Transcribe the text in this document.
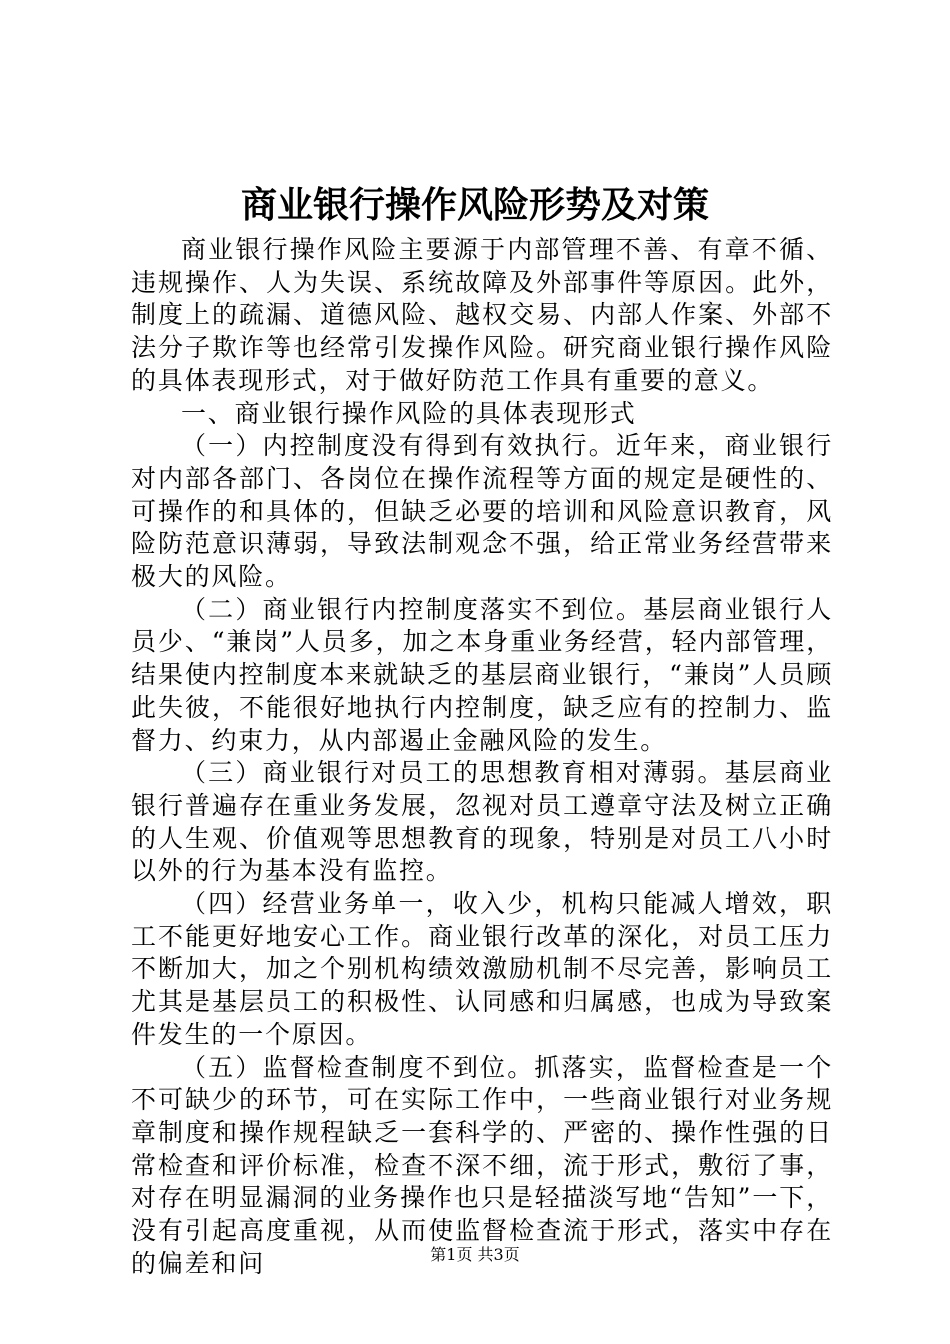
商业银行操作风险形势及对策

商业银行操作风险主要源于内部管理不善、有章不循、违规操作、人为失误、系统故障及外部事件等原因。此外，制度上的疏漏、道德风险、越权交易、内部人作案、外部不法分子欺诈等也经常引发操作风险。研究商业银行操作风险的具体表现形式，对于做好防范工作具有重要的意义。

一、商业银行操作风险的具体表现形式

（一）内控制度没有得到有效执行。近年来，商业银行对内部各部门、各岗位在操作流程等方面的规定是硬性的、可操作的和具体的，但缺乏必要的培训和风险意识教育，风险防范意识薄弱，导致法制观念不强，给正常业务经营带来极大的风险。

（二）商业银行内控制度落实不到位。基层商业银行人员少、“兼岗”人员多，加之本身重业务经营，轻内部管理，结果使内控制度本来就缺乏的基层商业银行，“兼岗”人员顾此失彼，不能很好地执行内控制度，缺乏应有的控制力、监督力、约束力，从内部遏止金融风险的发生。

（三）商业银行对员工的思想教育相对薄弱。基层商业银行普遍存在重业务发展，忽视对员工遵章守法及树立正确的人生观、价值观等思想教育的现象，特别是对员工八小时以外的行为基本没有监控。

（四）经营业务单一，收入少，机构只能减人增效，职工不能更好地安心工作。商业银行改革的深化，对员工压力不断加大，加之个别机构绩效激励机制不尽完善，影响员工尤其是基层员工的积极性、认同感和归属感，也成为导致案件发生的一个原因。

（五）监督检查制度不到位。抓落实，监督检查是一个不可缺少的环节，可在实际工作中，一些商业银行对业务规章制度和操作规程缺乏一套科学的、严密的、操作性强的日常检查和评价标准，检查不深不细，流于形式，敷衍了事，对存在明显漏洞的业务操作也只是轻描淡写地“告知”一下，没有引起高度重视，从而使监督检查流于形式，落实中存在的偏差和问	第1页 共3页
